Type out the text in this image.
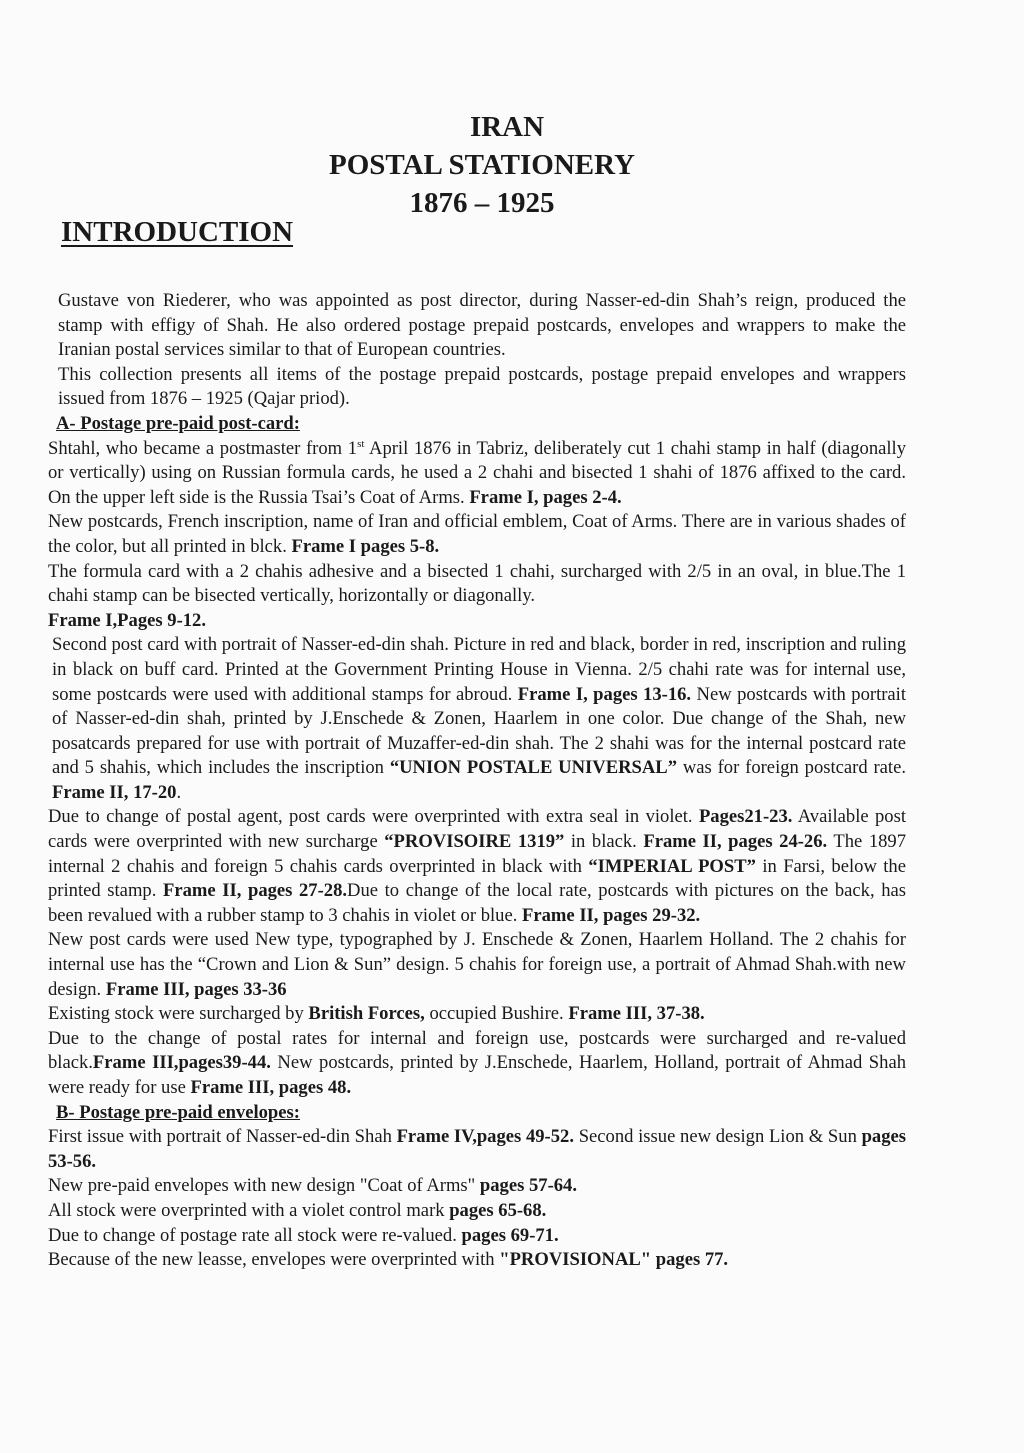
IRAN
POSTAL STATIONERY
1876 – 1925
INTRODUCTION

Gustave von Riederer, who was appointed as post director, during Nasser-ed-din Shah’s reign, produced the stamp with effigy of Shah. He also ordered postage prepaid postcards, envelopes and wrappers to make the Iranian postal services similar to that of European countries.

This collection presents all items of the postage prepaid postcards, postage prepaid envelopes and wrappers issued from 1876 – 1925 (Qajar priod).

A- Postage pre-paid post-card:

Shtahl, who became a postmaster from 1st April 1876 in Tabriz, deliberately cut 1 chahi stamp in half (diagonally or vertically) using on Russian formula cards, he used a 2 chahi and bisected 1 shahi of 1876 affixed to the card. On the upper left side is the Russia Tsai’s Coat of Arms. Frame I, pages 2-4.

New postcards, French inscription, name of Iran and official emblem, Coat of Arms. There are in various shades of the color, but all printed in blck. Frame I pages 5-8.

The formula card with a 2 chahis adhesive and a bisected 1 chahi, surcharged with 2/5 in an oval, in blue.The 1 chahi stamp can be bisected vertically, horizontally or diagonally.
Frame I,Pages 9-12.

Second post card with portrait of Nasser-ed-din shah. Picture in red and black, border in red, inscription and ruling in black on buff card. Printed at the Government Printing House in Vienna. 2/5 chahi rate was for internal use, some postcards were used with additional stamps for abroud. Frame I, pages 13-16. New postcards with portrait of Nasser-ed-din shah, printed by J.Enschede & Zonen, Haarlem in one color. Due change of the Shah, new posatcards prepared for use with portrait of Muzaffer-ed-din shah. The 2 shahi was for the internal postcard rate and 5 shahis, which includes the inscription “UNION POSTALE UNIVERSAL” was for foreign postcard rate. Frame II, 17-20.

Due to change of postal agent, post cards were overprinted with extra seal in violet. Pages21-23. Available post cards were overprinted with new surcharge “PROVISOIRE 1319” in black. Frame II, pages 24-26. The 1897 internal 2 chahis and foreign 5 chahis cards overprinted in black with “IMPERIAL POST” in Farsi, below the printed stamp. Frame II, pages 27-28.Due to change of the local rate, postcards with pictures on the back, has been revalued with a rubber stamp to 3 chahis in violet or blue. Frame II, pages 29-32.

New post cards were used New type, typographed by J. Enschede & Zonen, Haarlem Holland. The 2 chahis for internal use has the “Crown and Lion & Sun” design. 5 chahis for foreign use, a portrait of Ahmad Shah.with new design. Frame III, pages 33-36

Existing stock were surcharged by British Forces, occupied Bushire. Frame III, 37-38.

Due to the change of postal rates for internal and foreign use, postcards were surcharged and re-valued black.Frame III,pages39-44. New postcards, printed by J.Enschede, Haarlem, Holland, portrait of Ahmad Shah were ready for use Frame III, pages 48.

B- Postage pre-paid envelopes:

First issue with portrait of Nasser-ed-din Shah Frame IV,pages 49-52. Second issue new design Lion & Sun pages 53-56.

New pre-paid envelopes with new design "Coat of Arms" pages 57-64.

All stock were overprinted with a violet control mark pages 65-68.

Due to change of postage rate all stock were re-valued. pages 69-71.

Because of the new leasse, envelopes were overprinted with "PROVISIONAL" pages 77.
